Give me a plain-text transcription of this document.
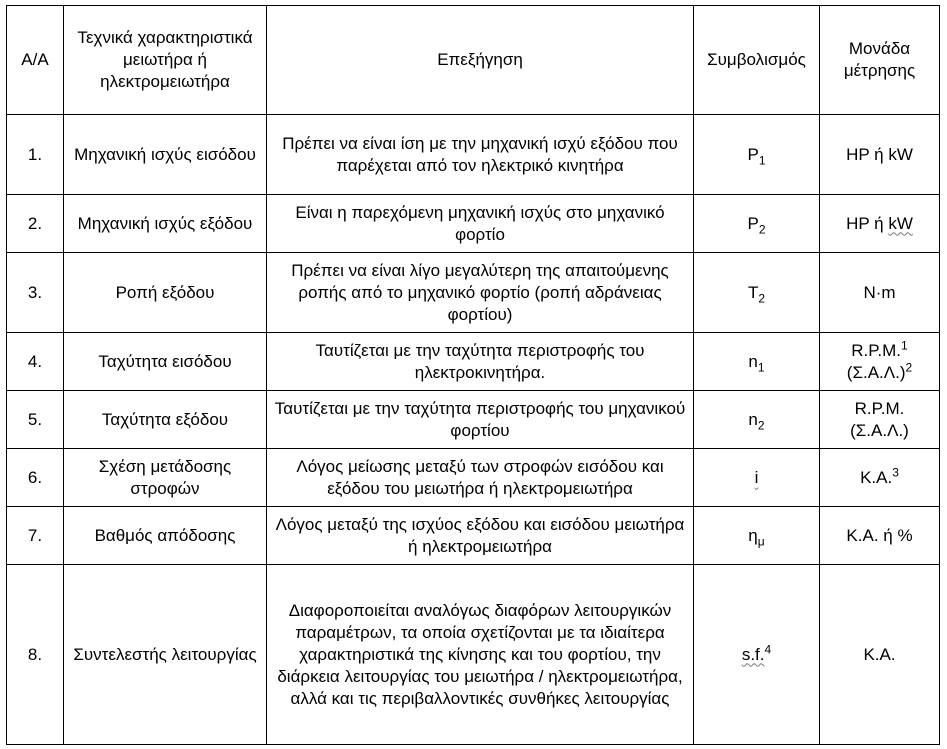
Α/Α	Τεχνικά χαρακτηριστικά μειωτήρα ή ηλεκτρομειωτήρα	Επεξήγηση	Συμβολισμός	Μονάδα μέτρησης
1.	Μηχανική ισχύς εισόδου	Πρέπει να είναι ίση με την μηχανική ισχύ εξόδου που παρέχεται από τον ηλεκτρικό κινητήρα	$P_1$	HP ή kW
2.	Μηχανική ισχύς εξόδου	Είναι η παρεχόμενη μηχανική ισχύς στο μηχανικό φορτίο	$P_2$	HP ή kW
3.	Ροπή εξόδου	Πρέπει να είναι λίγο μεγαλύτερη της απαιτούμενης ροπής από το μηχανικό φορτίο (ροπή αδράνειας φορτίου)	$T_2$	N·m
4.	Ταχύτητα εισόδου	Ταυτίζεται με την ταχύτητα περιστροφής του ηλεκτροκινητήρα.	$n_1$	R.P.M.$^1$
$(\Sigma.A.\Lambda.)^2$
5.	Ταχύτητα εξόδου	Ταυτίζεται με την ταχύτητα περιστροφής του μηχανικού φορτίου	$n_2$	R.P.M.
(Σ.Α.Λ.)
6.	Σχέση μετάδοσης στροφών	Λόγος μείωσης μεταξύ των στροφών εισόδου και εξόδου του μειωτήρα ή ηλεκτρομειωτήρα	i	Κ.Α.$^3$
7.	Βαθμός απόδοσης	Λόγος μεταξύ της ισχύος εξόδου και εισόδου μειωτήρα ή ηλεκτρομειωτήρα	$\eta_\mu$	Κ.Α. ή %
8.	Συντελεστής λειτουργίας	Διαφοροποιείται αναλόγως διαφόρων λειτουργικών παραμέτρων, τα οποία σχετίζονται με τα ιδιαίτερα χαρακτηριστικά της κίνησης και του φορτίου, την διάρκεια λειτουργίας του μειωτήρα / ηλεκτρομειωτήρα, αλλά και τις περιβαλλοντικές συνθήκες λειτουργίας	s.f.$^4$	Κ.Α.
